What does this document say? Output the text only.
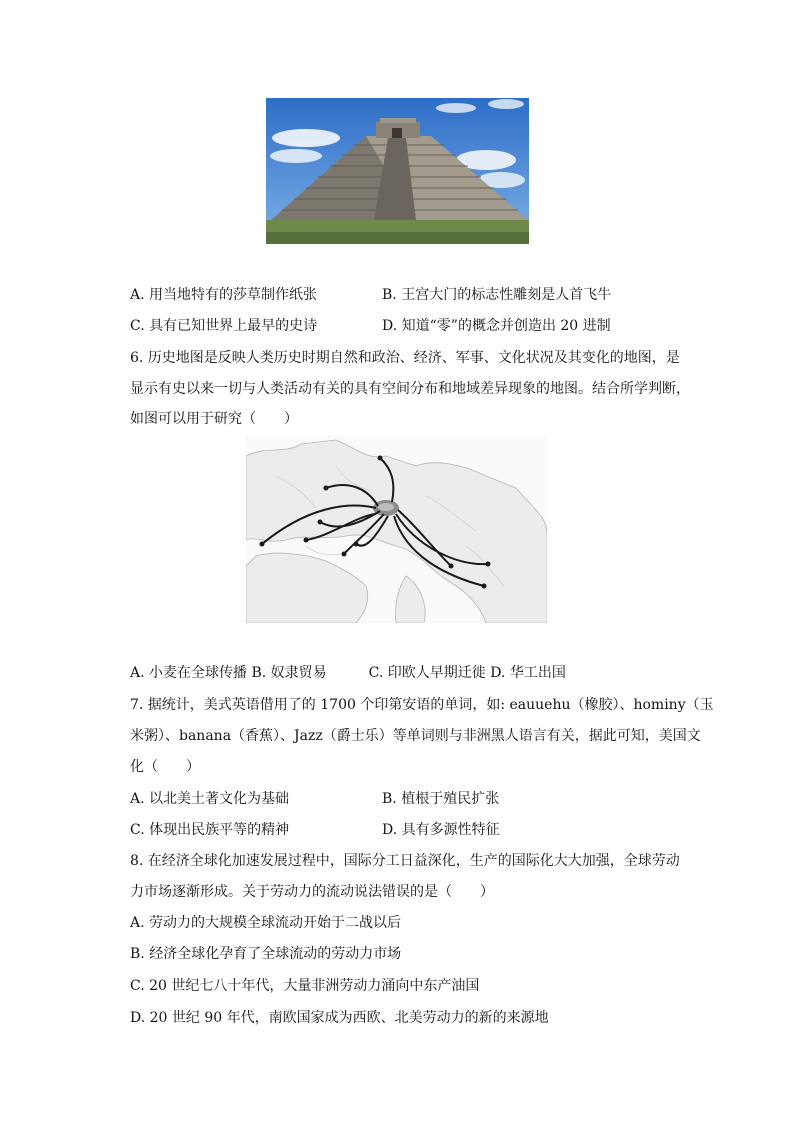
A. 用当地特有的莎草制作纸张	B. 王宫大门的标志性雕刻是人首飞牛
C. 具有已知世界上最早的史诗	D. 知道“零”的概念并创造出 20 进制
6. 历史地图是反映人类历史时期自然和政治、经济、军事、文化状况及其变化的地图，是
显示有史以来一切与人类活动有关的具有空间分布和地域差异现象的地图。结合所学判断，
如图可以用于研究（　　）
A. 小麦在全球传播 B. 奴隶贸易　　　C. 印欧人早期迁徙 D. 华工出国
7. 据统计，美式英语借用了的 1700 个印第安语的单词，如: eauuehu（橡胶）、hominy（玉
米粥）、banana（香蕉）、Jazz（爵士乐）等单词则与非洲黑人语言有关，据此可知，美国文
化（　　）
A. 以北美土著文化为基础	B. 植根于殖民扩张
C. 体现出民族平等的精神	D. 具有多源性特征
8. 在经济全球化加速发展过程中，国际分工日益深化，生产的国际化大大加强，全球劳动
力市场逐渐形成。关于劳动力的流动说法错误的是（　　）
A. 劳动力的大规模全球流动开始于二战以后
B. 经济全球化孕育了全球流动的劳动力市场
C. 20 世纪七八十年代，大量非洲劳动力涌向中东产油国
D. 20 世纪 90 年代，南欧国家成为西欧、北美劳动力的新的来源地
